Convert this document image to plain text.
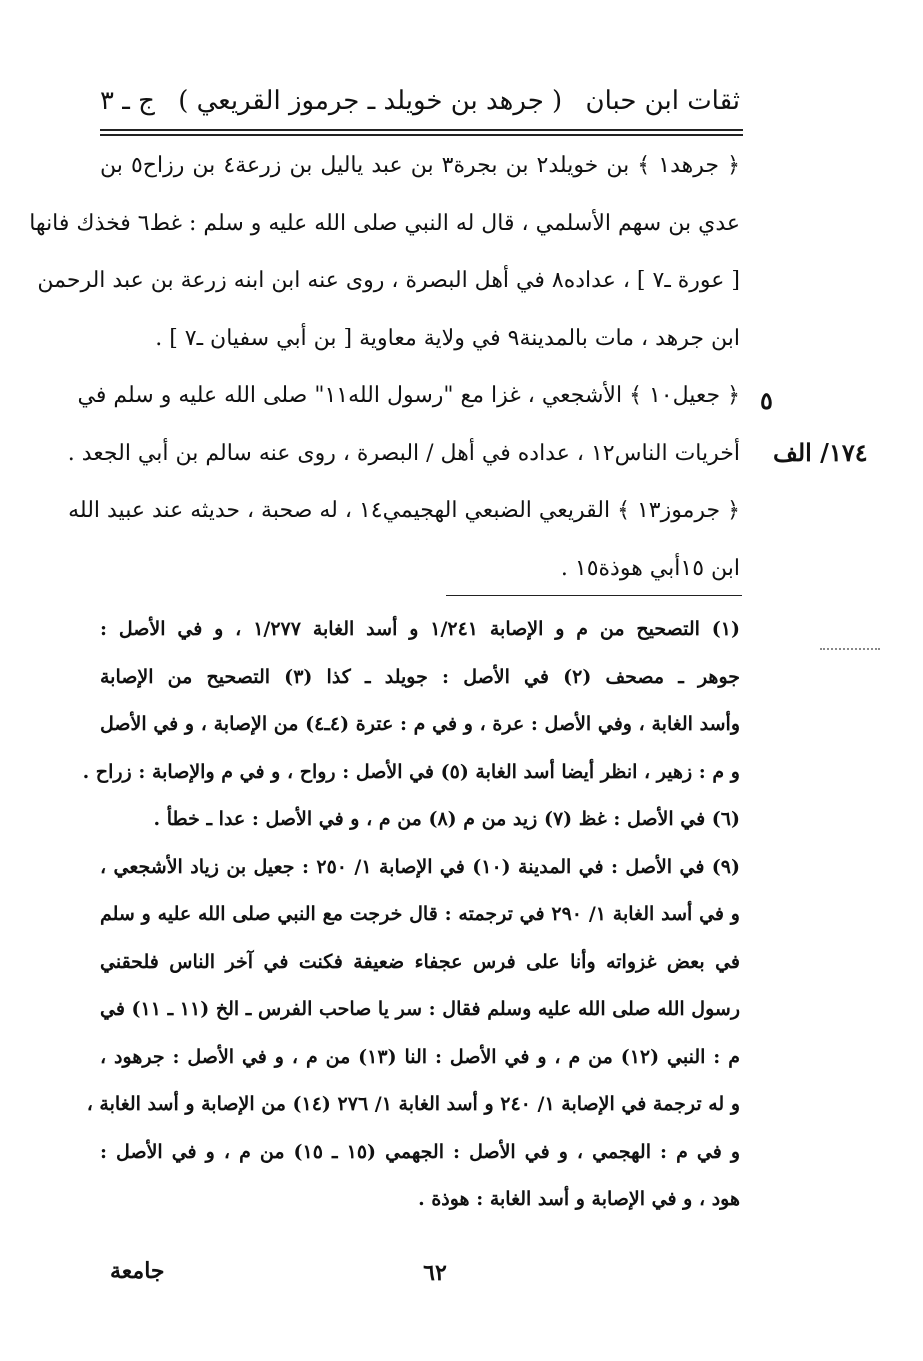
ثقات ابن حبان
( جرهد بن خويلد ـ جرموز القريعي )
ج ـ ٣
٥
١٧٤/ الف
﴿ جرهد١ ﴾ بن خويلد٢ بن بجرة٣ بن عبد ياليل بن زرعة٤ بن رزاح٥ بن
عدي بن سهم الأسلمي ، قال له النبي صلى الله عليه و سلم : غط٦ فخذك فانها
[ عورة ـ٧ ] ، عداده٨ في أهل البصرة ، روى عنه ابن ابنه زرعة بن عبد الرحمن
ابن جرهد ، مات بالمدينة٩ في ولاية معاوية [ بن أبي سفيان ـ٧ ] .
﴿ جعيل١٠ ﴾ الأشجعي ، غزا مع "رسول الله١١" صلى الله عليه و سلم في
أخريات الناس١٢ ، عداده في أهل / البصرة ، روى عنه سالم بن أبي الجعد .
﴿ جرموز١٣ ﴾ القريعي الضبعي الهجيمي١٤ ، له صحبة ، حديثه عند عبيد الله
ابن ١٥أبي هوذة١٥ .
(١) التصحيح من م و الإصابة ١/٢٤١ و أسد الغابة ١/٢٧٧ ، و في الأصل :
جوهر ـ مصحف (٢) في الأصل : جويلد ـ كذا (٣) التصحيح من الإصابة
وأسد الغابة ، وفي الأصل : عرة ، و في م : عترة (٤ـ٤) من الإصابة ، و في الأصل
و م : زهير ، انظر أيضا أسد الغابة (٥) في الأصل : رواح ، و في م والإصابة : زراح .
(٦) في الأصل : غظ (٧) زيد من م (٨) من م ، و في الأصل : عدا ـ خطأ .
(٩) في الأصل : في المدينة (١٠) في الإصابة ١/ ٢٥٠ : جعيل بن زياد الأشجعي ،
و في أسد الغابة ١/ ٢٩٠ في ترجمته : قال خرجت مع النبي صلى الله عليه و سلم
في بعض غزواته وأنا على فرس عجفاء ضعيفة فكنت في آخر الناس فلحقني
رسول الله صلى الله عليه وسلم فقال : سر يا صاحب الفرس ـ الخ (١١ ـ ١١) في
م : النبي (١٢) من م ، و في الأصل : النا (١٣) من م ، و في الأصل : جرهود ،
و له ترجمة في الإصابة ١/ ٢٤٠ و أسد الغابة ١/ ٢٧٦ (١٤) من الإصابة و أسد الغابة ،
و في م : الهجمي ، و في الأصل : الجهمي (١٥ ـ ١٥) من م ، و في الأصل :
هود ، و في الإصابة و أسد الغابة : هوذة .
جامعة	٦٢
